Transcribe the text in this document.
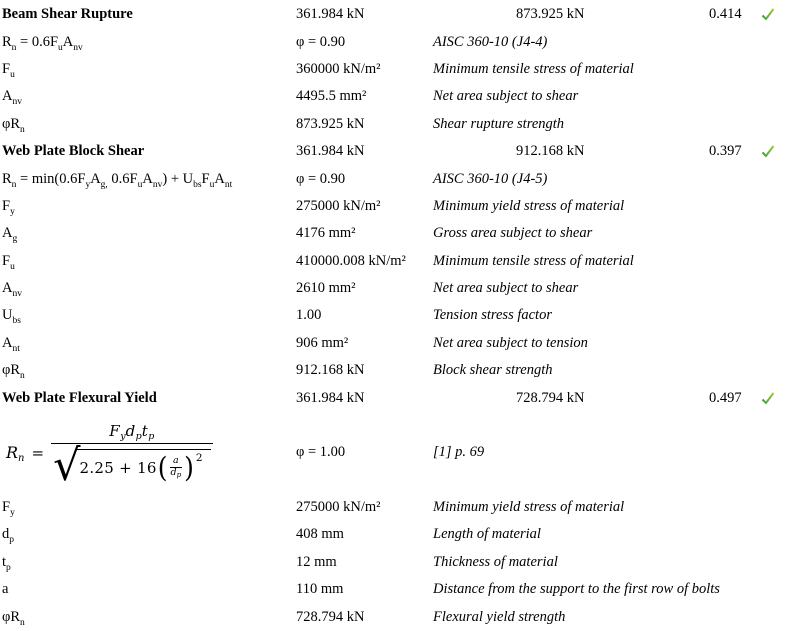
Beam Shear Rupture	361.984 kN	873.925 kN	0.414
$R_n = 0.6F_uA_{nv}$	φ = 0.90	AISC 360-10 (J4-4)
$F_u$	360000 kN/m²	Minimum tensile stress of material
$A_{nv}$	4495.5 mm²	Net area subject to shear
$\varphi R_n$	873.925 kN	Shear rupture strength
Web Plate Block Shear	361.984 kN	912.168 kN	0.397
$R_n = \min(0.6F_yA_{g,}$ $0.6F_uA_{nv}) + U_{bs}F_uA_{nt}$	φ = 0.90	AISC 360-10 (J4-5)
$F_y$	275000 kN/m²	Minimum yield stress of material
$A_g$	4176 mm²	Gross area subject to shear
$F_u$	410000.008 kN/m²	Minimum tensile stress of material
$A_{nv}$	2610 mm²	Net area subject to shear
$U_{bs}$	1.00	Tension stress factor
$A_{nt}$	906 mm²	Net area subject to tension
$\varphi R_n$	912.168 kN	Block shear strength
Web Plate Flexural Yield	361.984 kN	728.794 kN	0.497
$Rn = \frac{F_yd_pt_p}{√ 2.25 + 16 ( \frac{a}{d_p} ) 2}$	φ = 1.00	[1] p. 69
$F_y$	275000 kN/m²	Minimum yield stress of material
$d_p$	408 mm	Length of material
$t_p$	12 mm	Thickness of material
a	110 mm	Distance from the support to the first row of bolts
$\varphi R_n$	728.794 kN	Flexural yield strength
